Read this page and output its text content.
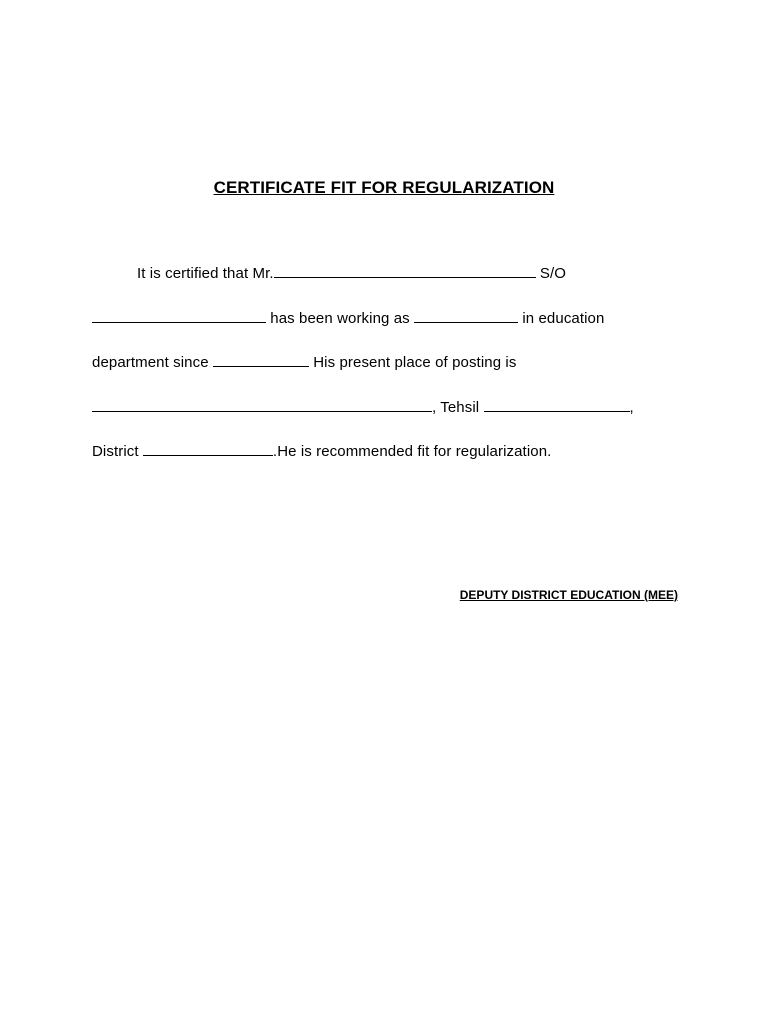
CERTIFICATE FIT FOR REGULARIZATION
It is certified that Mr.	S/O
has been working as	in education
department since	His present place of posting is
, Tehsil	,
District	.He is recommended fit for regularization.
DEPUTY DISTRICT EDUCATION (MEE)
